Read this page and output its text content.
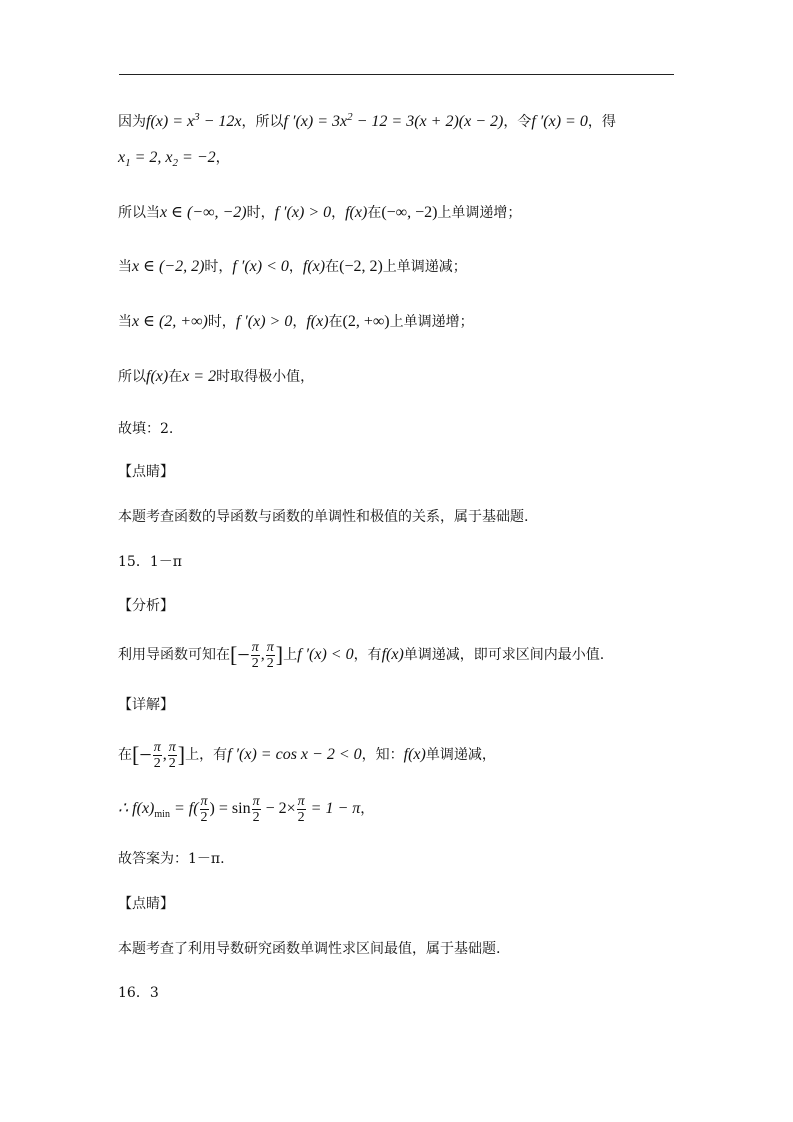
因为$f(x) = x^3 - 12x$，所以f $'(x) = 3x^2 - 12 = 3(x + 2)(x - 2)$，令f ′(x) = 0，得
$x_1 = 2$, $x_2 = -2$，
所以当x ∈ (−∞, −2)时，f ′(x) > 0，f(x)在(−∞, −2)上单调递增；
当x ∈ (−2, 2)时，f ′(x) < 0，f(x)在(−2, 2)上单调递减；
当x ∈ (2, +∞)时，f ′(x) > 0，f(x)在(2, +∞)上单调递增；
所以f(x)在x = 2时取得极小值，
故填：2.
【点睛】
本题考查函数的导函数与函数的单调性和极值的关系，属于基础题.
15．1－π
【分析】
利用导函数可知在[− $\frac{\pi}{2}$ , $\frac{\pi}{2}$ ]上f ′(x) < 0，有f(x)单调递减，即可求区间内最小值.
【详解】
在[− $\frac{\pi}{2}$ , $\frac{\pi}{2}$ ]上，有f ′(x) = cos x − 2 < 0，知：f(x)单调递减，
∴ $f(x)_{min} = f( \frac{\pi}{2}$ ) = $\sin \frac{\pi}{2} - 2\times \frac{\pi}{2} = 1 - \pi$，
故答案为：1－π.
【点睛】
本题考查了利用导数研究函数单调性求区间最值，属于基础题.
16．3
